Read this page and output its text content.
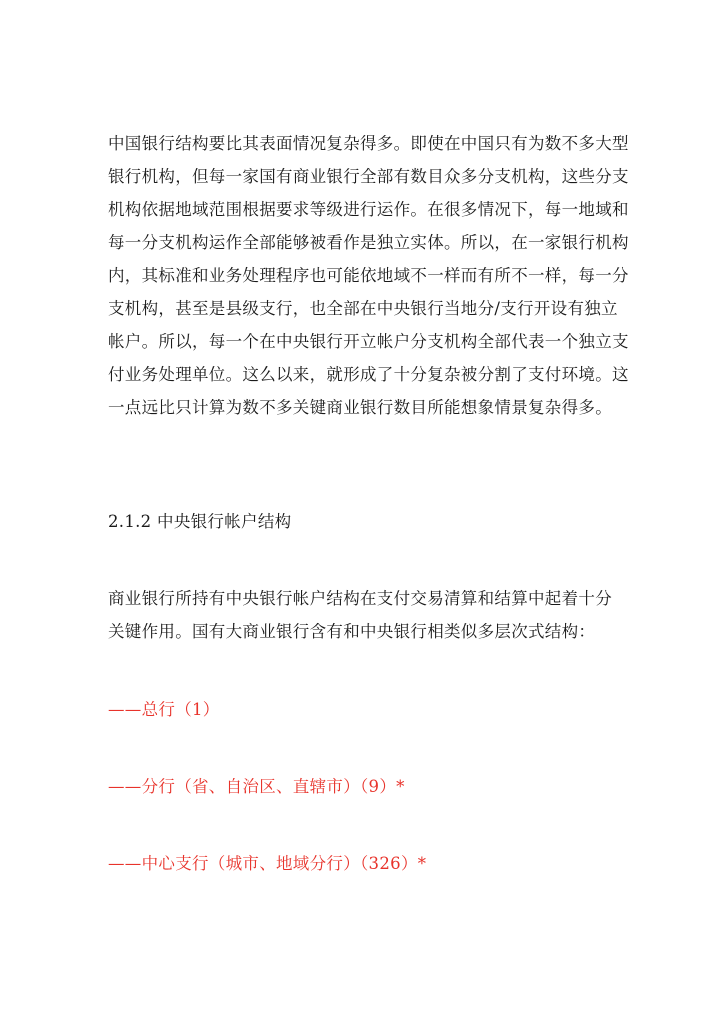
中国银行结构要比其表面情况复杂得多。即使在中国只有为数不多大型
银行机构，但每一家国有商业银行全部有数目众多分支机构，这些分支
机构依据地域范围根据要求等级进行运作。在很多情况下，每一地域和
每一分支机构运作全部能够被看作是独立实体。所以，在一家银行机构
内，其标准和业务处理程序也可能依地域不一样而有所不一样，每一分
支机构，甚至是县级支行，也全部在中央银行当地分/支行开设有独立
帐户。所以，每一个在中央银行开立帐户分支机构全部代表一个独立支
付业务处理单位。这么以来，就形成了十分复杂被分割了支付环境。这
一点远比只计算为数不多关键商业银行数目所能想象情景复杂得多。
2.1.2 中央银行帐户结构
商业银行所持有中央银行帐户结构在支付交易清算和结算中起着十分
关键作用。国有大商业银行含有和中央银行相类似多层次式结构：
——总行（1）
——分行（省、自治区、直辖市）（9）*
——中心支行（城市、地域分行）（326）*
